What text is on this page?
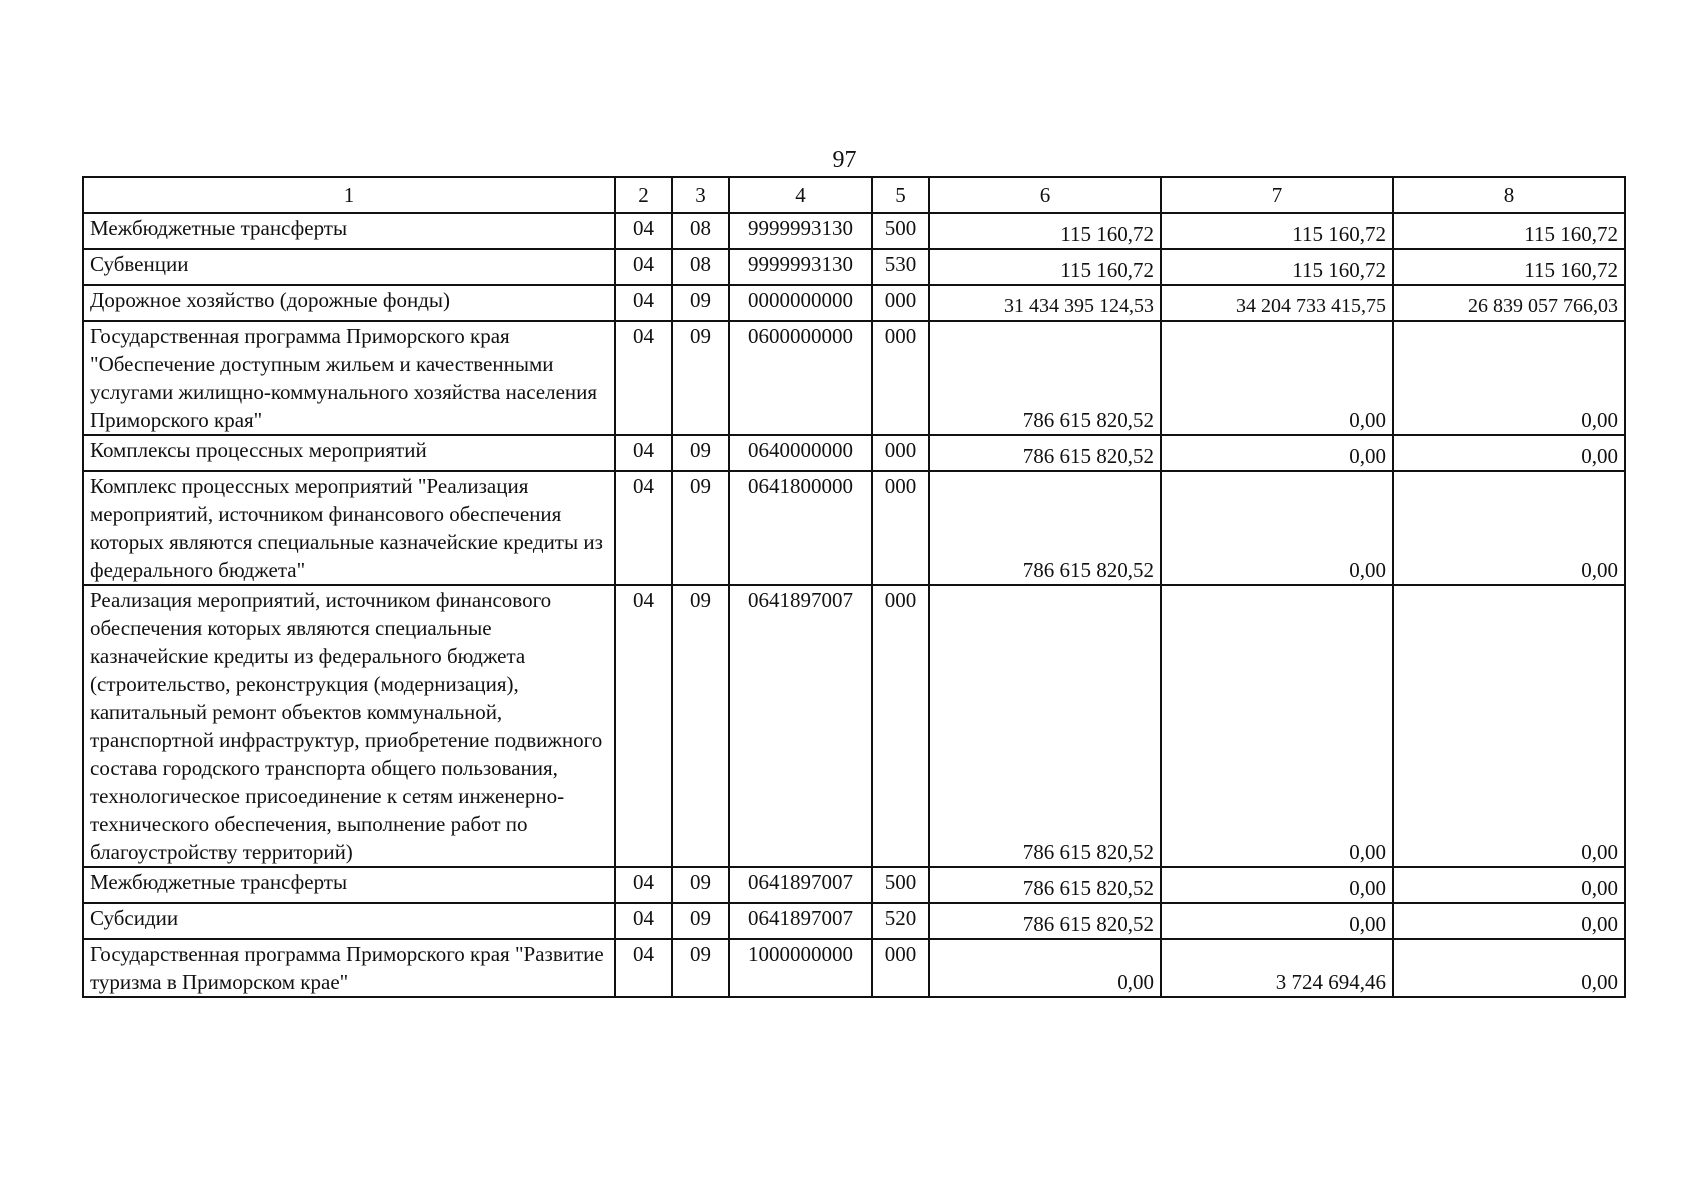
97
1	2	3	4	5	6	7	8
Межбюджетные трансферты	04	08	9999993130	500	115 160,72	115 160,72	115 160,72
Субвенции	04	08	9999993130	530	115 160,72	115 160,72	115 160,72
Дорожное хозяйство (дорожные фонды)	04	09	0000000000	000	31 434 395 124,53	34 204 733 415,75	26 839 057 766,03
Государственная программа Приморского края "Обеспечение доступным жильем и качественными услугами жилищно-коммунального хозяйства населения Приморского края"	04	09	0600000000	000	786 615 820,52	0,00	0,00
Комплексы процессных мероприятий	04	09	0640000000	000	786 615 820,52	0,00	0,00
Комплекс процессных мероприятий "Реализация мероприятий, источником финансового обеспечения которых являются специальные казначейские кредиты из федерального бюджета"	04	09	0641800000	000	786 615 820,52	0,00	0,00
Реализация мероприятий, источником финансового обеспечения которых являются специальные казначейские кредиты из федерального бюджета (строительство, реконструкция (модернизация), капитальный ремонт объектов коммунальной, транспортной инфраструктур, приобретение подвижного состава городского транспорта общего пользования, технологическое присоединение к сетям инженерно-технического обеспечения, выполнение работ по благоустройству территорий)	04	09	0641897007	000	786 615 820,52	0,00	0,00
Межбюджетные трансферты	04	09	0641897007	500	786 615 820,52	0,00	0,00
Субсидии	04	09	0641897007	520	786 615 820,52	0,00	0,00
Государственная программа Приморского края "Развитие туризма в Приморском крае"	04	09	1000000000	000	0,00	3 724 694,46	0,00
